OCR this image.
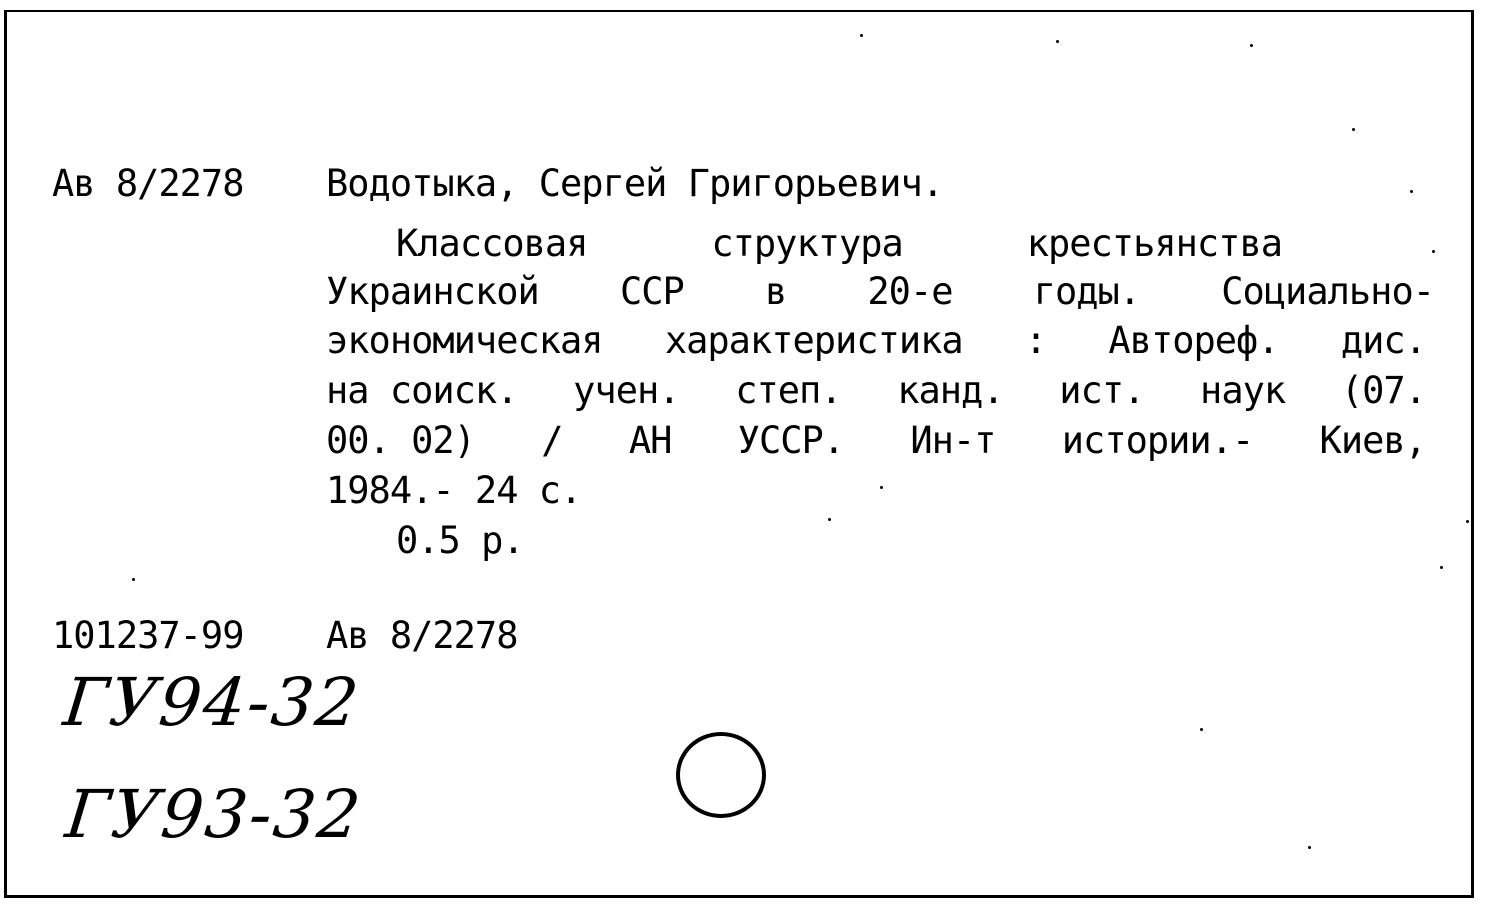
Ав 8/2278 Водотыка, Сергей Григорьевич.
Классовая	структура	крестьянства
Украинской ССР в 20-е годы. Социально-
экономическая характеристика : Автореф. дис.
на соиск. учен. степ. канд. ист. наук (07.
00. 02) / АН УССР. Ин-т истории.- Киев,
1984.- 24 с.
0.5 р.
101237-99 Ав 8/2278
ГУ94-32
ГУ93-32
